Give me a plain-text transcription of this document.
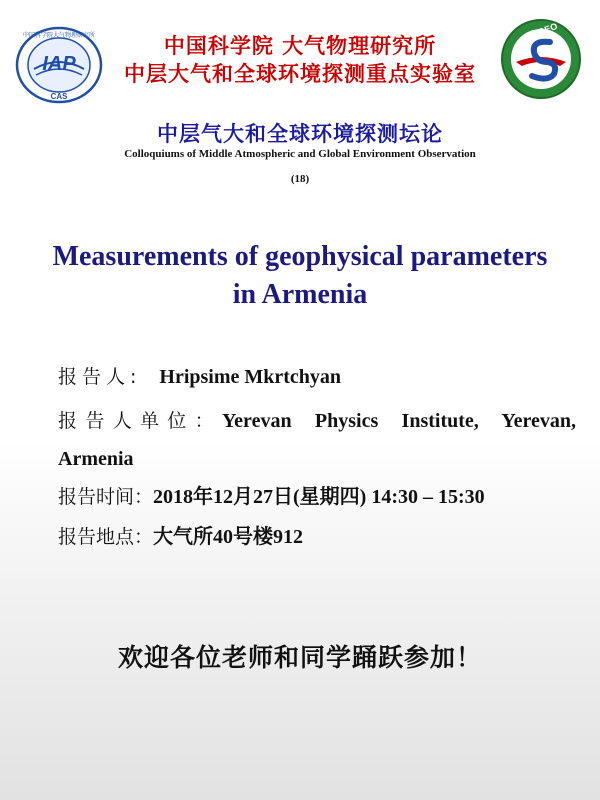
IAP
中国科学院大气物理研究所
CAS
中国科学院 大气物理研究所
中层大气和全球环境探测重点实验室
LAGEO
中层气大和全球环境探测坛论
Colloquiums of Middle Atmospheric and Global Environment Observation
(18)
Measurements of geophysical parameters
in Armenia
报告人: Hripsime Mkrtchyan
报告人单位：Yerevan Physics Institute, Yerevan, Armenia
报告时间：2018年12月27日(星期四) 14:30 – 15:30
报告地点：大气所40号楼912
欢迎各位老师和同学踊跃参加！
